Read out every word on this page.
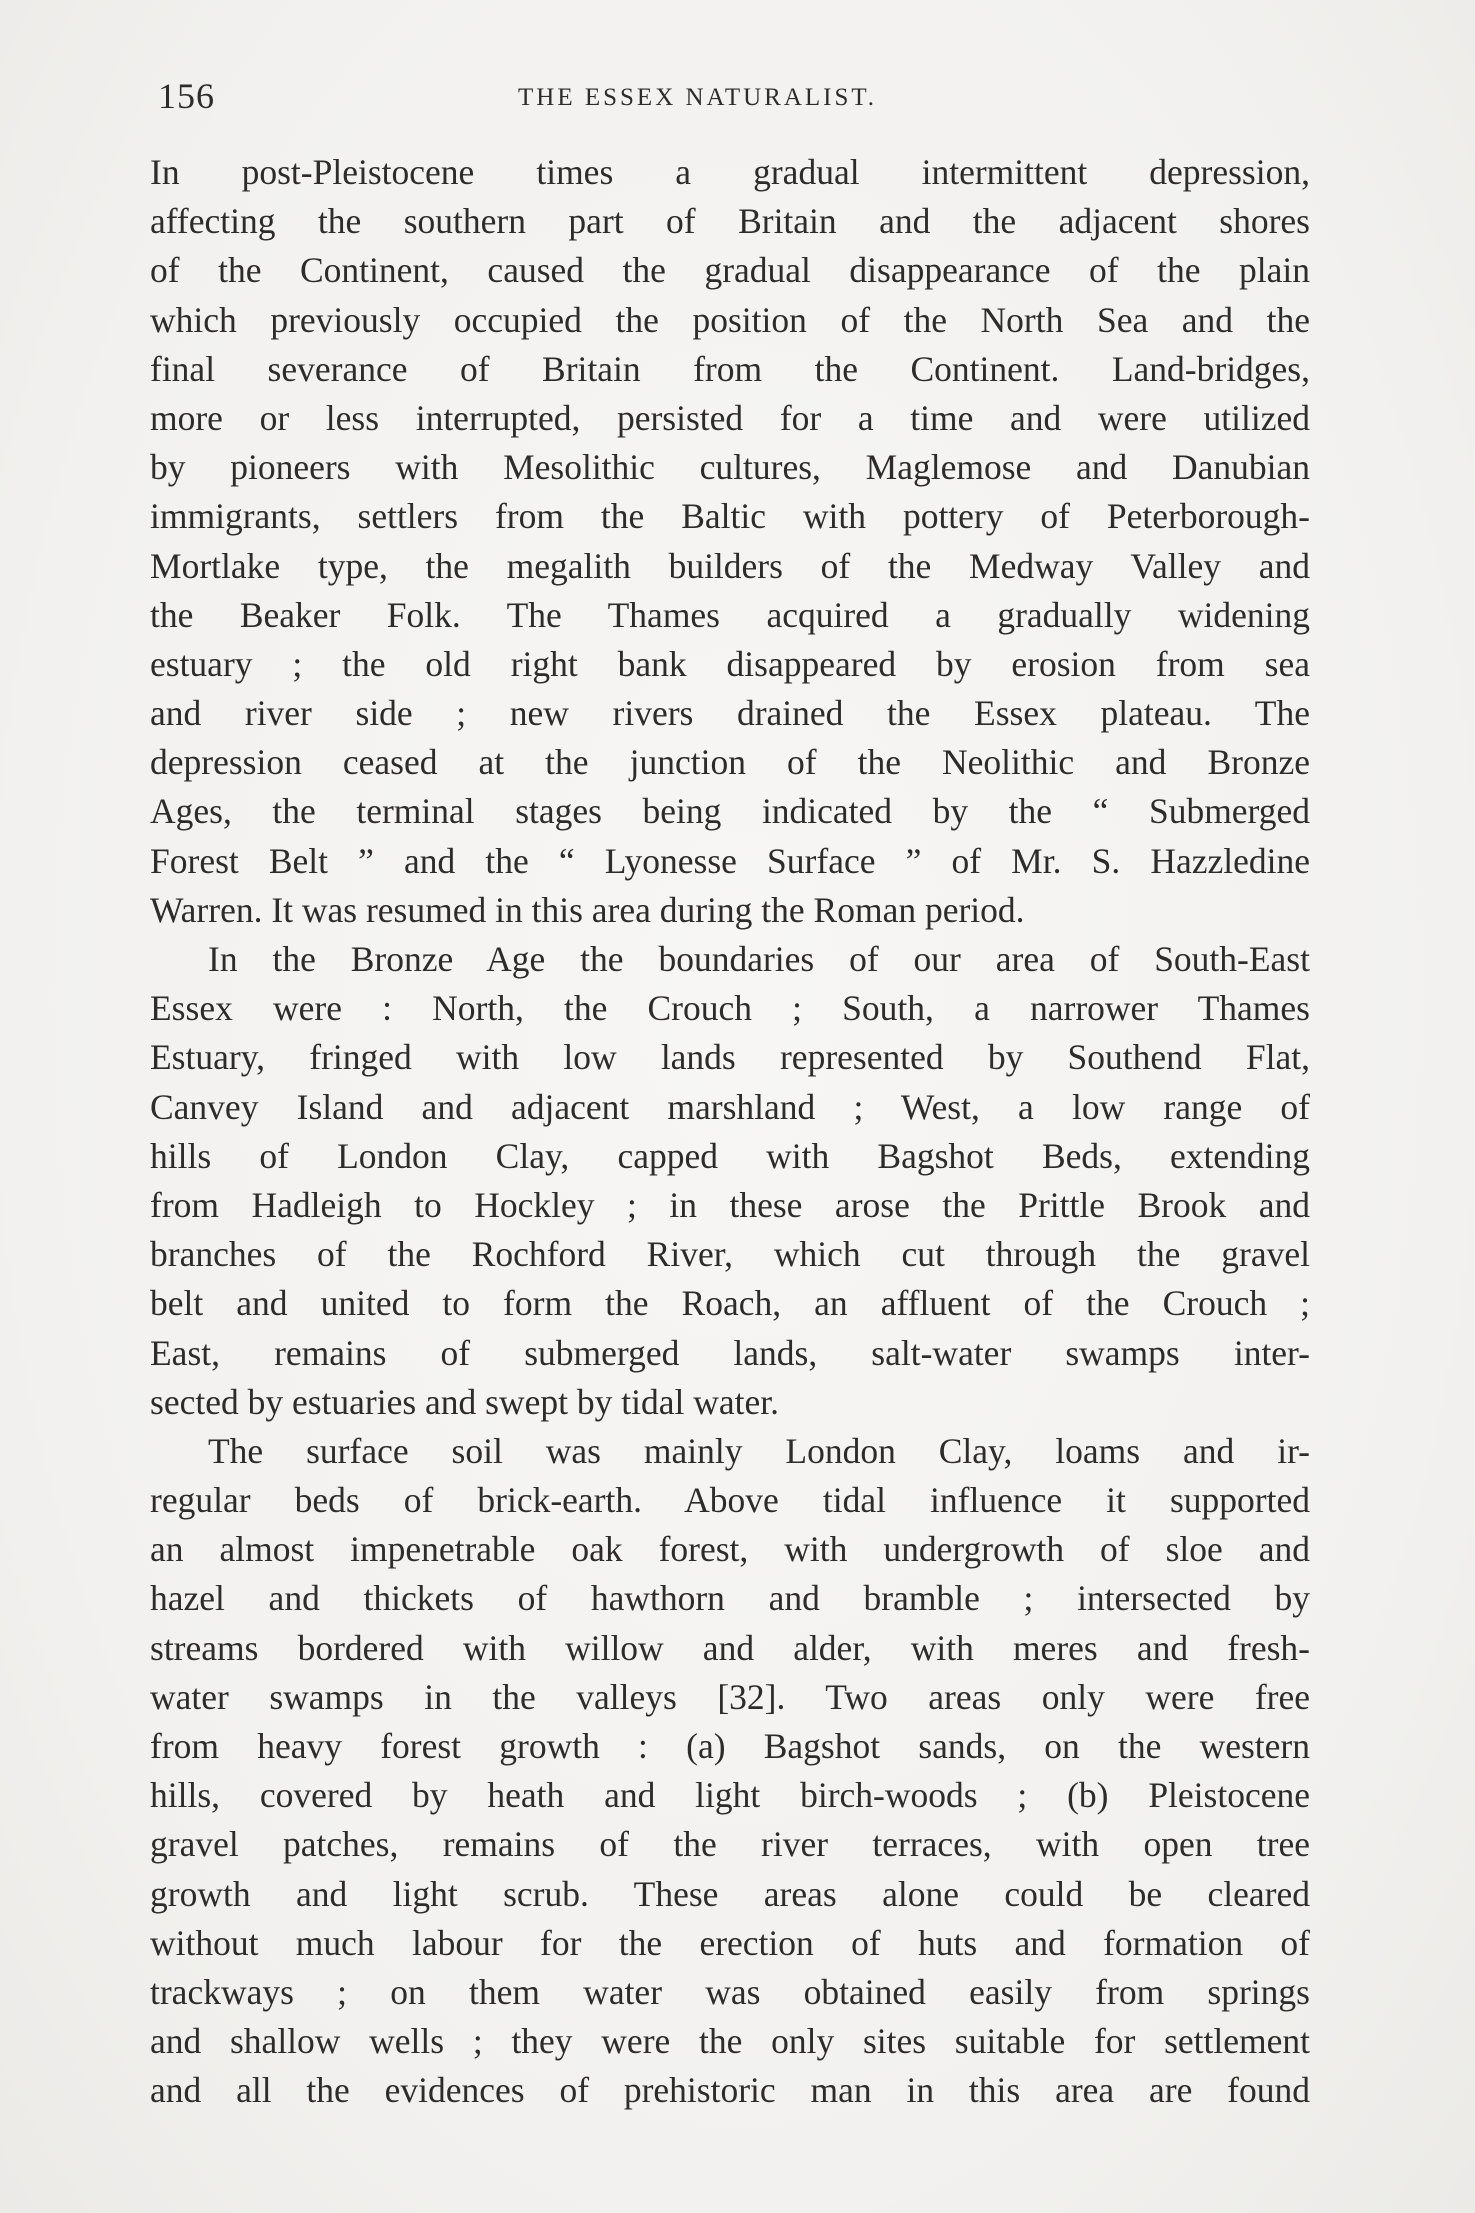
156	THE ESSEX NATURALIST.
In post-Pleistocene times a gradual intermittent depression,
affecting the southern part of Britain and the adjacent shores
of the Continent, caused the gradual disappearance of the plain
which previously occupied the position of the North Sea and the
final severance of Britain from the Continent. Land-bridges,
more or less interrupted, persisted for a time and were utilized
by pioneers with Mesolithic cultures, Maglemose and Danubian
immigrants, settlers from the Baltic with pottery of Peterborough-
Mortlake type, the megalith builders of the Medway Valley and
the Beaker Folk. The Thames acquired a gradually widening
estuary ; the old right bank disappeared by erosion from sea
and river side ; new rivers drained the Essex plateau. The
depression ceased at the junction of the Neolithic and Bronze
Ages, the terminal stages being indicated by the “ Submerged
Forest Belt ” and the “ Lyonesse Surface ” of Mr. S. Hazzledine
Warren. It was resumed in this area during the Roman period.
In the Bronze Age the boundaries of our area of South-East
Essex were : North, the Crouch ; South, a narrower Thames
Estuary, fringed with low lands represented by Southend Flat,
Canvey Island and adjacent marshland ; West, a low range of
hills of London Clay, capped with Bagshot Beds, extending
from Hadleigh to Hockley ; in these arose the Prittle Brook and
branches of the Rochford River, which cut through the gravel
belt and united to form the Roach, an affluent of the Crouch ;
East, remains of submerged lands, salt-water swamps inter-
sected by estuaries and swept by tidal water.
The surface soil was mainly London Clay, loams and ir-
regular beds of brick-earth. Above tidal influence it supported
an almost impenetrable oak forest, with undergrowth of sloe and
hazel and thickets of hawthorn and bramble ; intersected by
streams bordered with willow and alder, with meres and fresh-
water swamps in the valleys [32]. Two areas only were free
from heavy forest growth : (a) Bagshot sands, on the western
hills, covered by heath and light birch-woods ; (b) Pleistocene
gravel patches, remains of the river terraces, with open tree
growth and light scrub. These areas alone could be cleared
without much labour for the erection of huts and formation of
trackways ; on them water was obtained easily from springs
and shallow wells ; they were the only sites suitable for settlement
and all the evidences of prehistoric man in this area are found
